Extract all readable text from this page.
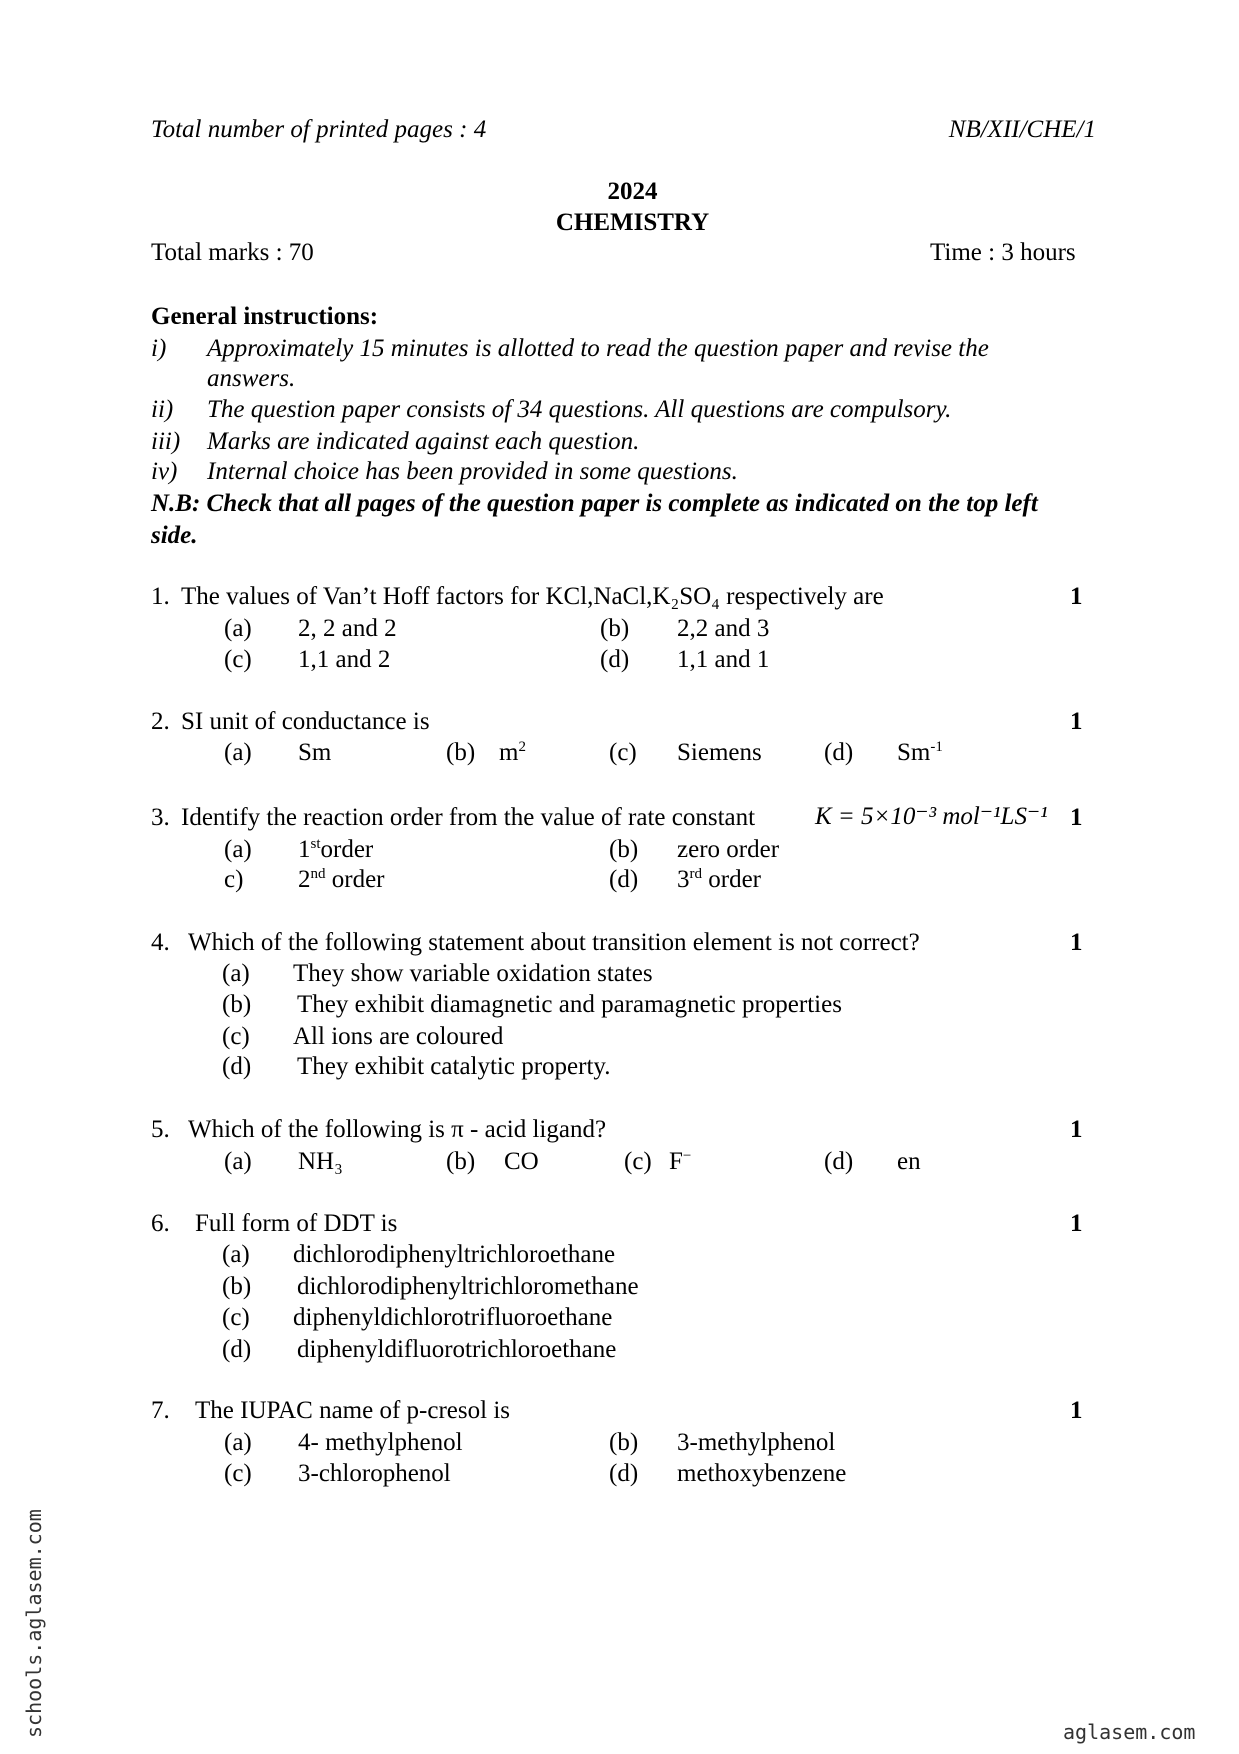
Total number of printed pages : 4	NB/XII/CHE/1
2024
CHEMISTRY
Total marks : 70	Time : 3 hours
General instructions:
i) Approximately 15 minutes is allotted to read the question paper and revise the
answers.
ii) The question paper consists of 34 questions. All questions are compulsory.
iii) Marks are indicated against each question.
iv) Internal choice has been provided in some questions.
N.B: Check that all pages of the question paper is complete as indicated on the top left
side.
1. The values of Van’t Hoff factors for KCl,NaCl,K₂SO₄ respectively are	1
(a) 2, 2 and 2	(b) 2,2 and 3
(c) 1,1 and 2	(d) 1,1 and 1
2. SI unit of conductance is	1
(a) Sm	(b) $m^2$	(c) Siemens (d) $Sm^{-1}$
3. Identify the reaction order from the value of rate constant K = 5×10⁻³ mol⁻¹LS⁻¹ 1
(a) 1storder	(b) zero order
c) 2nd order	(d) 3rd order
4. Which of the following statement about transition element is not correct?	1
(a) They show variable oxidation states
(b) They exhibit diamagnetic and paramagnetic properties
(c) All ions are coloured
(d) They exhibit catalytic property.
5. Which of the following is π - acid ligand?	1
(a) NH₃	(b) CO	(c) F−	(d) en
6. Full form of DDT is	1
(a) dichlorodiphenyltrichloroethane
(b) dichlorodiphenyltrichloromethane
(c) diphenyldichlorotrifluoroethane
(d) diphenyldifluorotrichloroethane
7. The IUPAC name of p-cresol is	1
(a) 4- methylphenol	(b) 3-methylphenol
(c) 3-chlorophenol	(d) methoxybenzene
aglasem.com
schools.aglasem.com
